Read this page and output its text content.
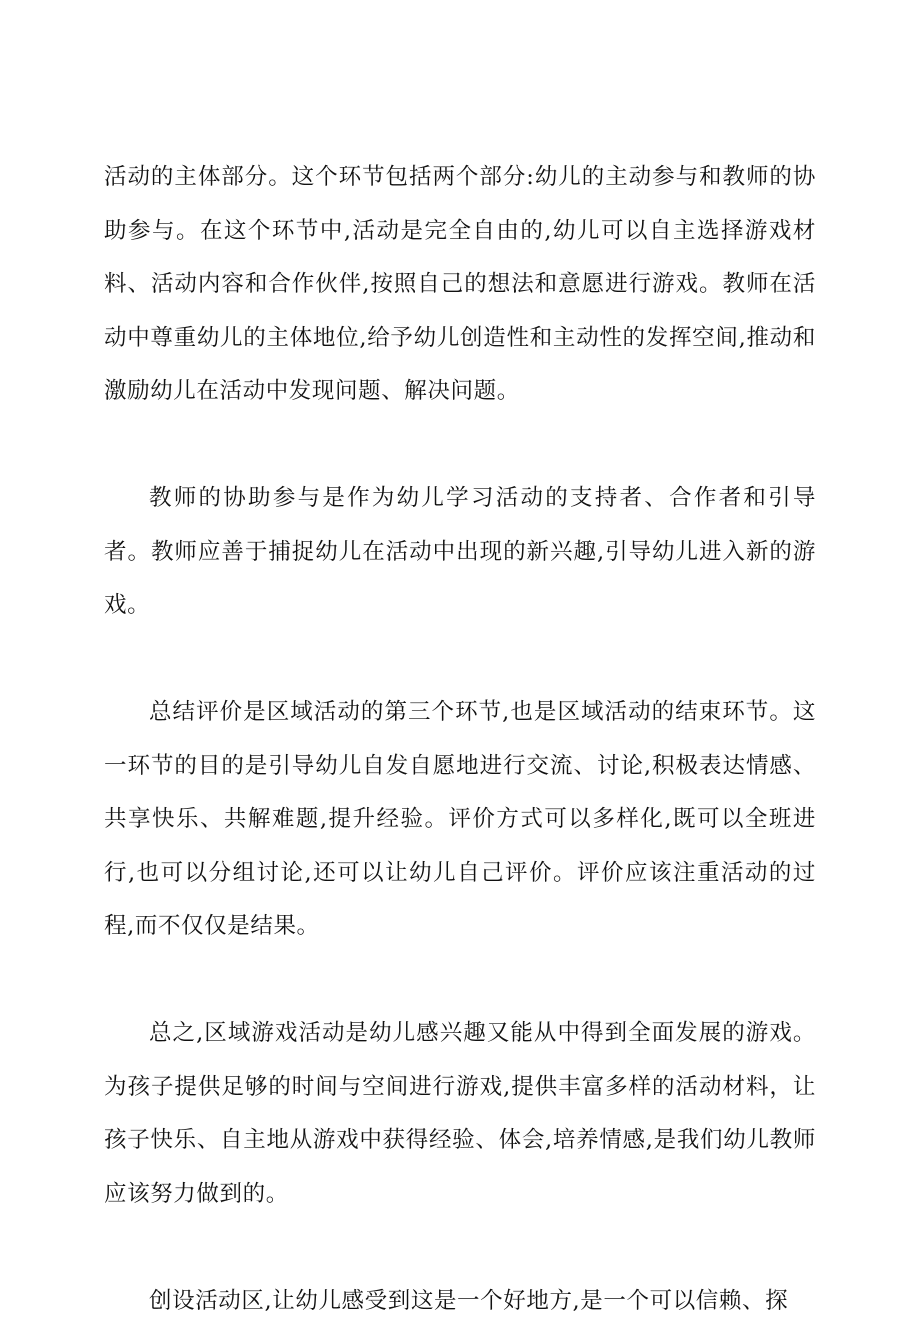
活动的主体部分。这个环节包括两个部分:幼儿的主动参与和教师的协助参与。在这个环节中,活动是完全自由的,幼儿可以自主选择游戏材料、活动内容和合作伙伴,按照自己的想法和意愿进行游戏。教师在活动中尊重幼儿的主体地位,给予幼儿创造性和主动性的发挥空间,推动和激励幼儿在活动中发现问题、解决问题。

教师的协助参与是作为幼儿学习活动的支持者、合作者和引导者。教师应善于捕捉幼儿在活动中出现的新兴趣,引导幼儿进入新的游戏。

总结评价是区域活动的第三个环节,也是区域活动的结束环节。这一环节的目的是引导幼儿自发自愿地进行交流、讨论,积极表达情感、共享快乐、共解难题,提升经验。评价方式可以多样化,既可以全班进行,也可以分组讨论,还可以让幼儿自己评价。评价应该注重活动的过程,而不仅仅是结果。

总之,区域游戏活动是幼儿感兴趣又能从中得到全面发展的游戏。为孩子提供足够的时间与空间进行游戏,提供丰富多样的活动材料，让孩子快乐、自主地从游戏中获得经验、体会,培养情感,是我们幼儿教师应该努力做到的。

创设活动区,让幼儿感受到这是一个好地方,是一个可以信赖、探
